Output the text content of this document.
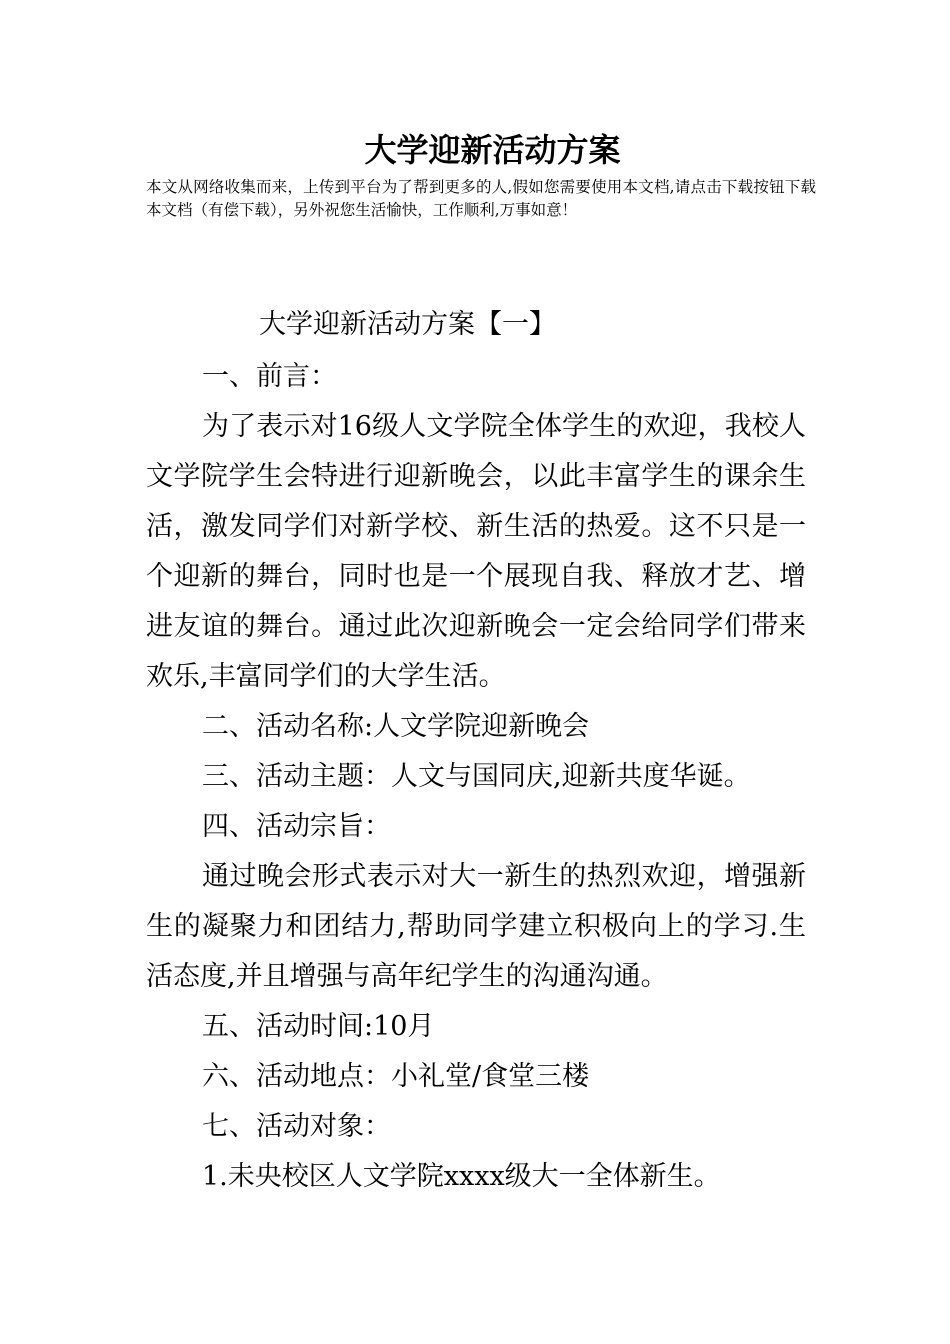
大学迎新活动方案

本文从网络收集而来，上传到平台为了帮到更多的人,假如您需要使用本文档,请点击下载按钮下载本文档（有偿下载），另外祝您生活愉快，工作顺利,万事如意！

大学迎新活动方案【一】

一、前言：

为了表示对16级人文学院全体学生的欢迎，我校人文学院学生会特进行迎新晚会，以此丰富学生的课余生活，激发同学们对新学校、新生活的热爱。这不只是一个迎新的舞台，同时也是一个展现自我、释放才艺、增进友谊的舞台。通过此次迎新晚会一定会给同学们带来欢乐,丰富同学们的大学生活。

二、活动名称:人文学院迎新晚会

三、活动主题：人文与国同庆,迎新共度华诞。

四、活动宗旨：

通过晚会形式表示对大一新生的热烈欢迎，增强新生的凝聚力和团结力,帮助同学建立积极向上的学习.生活态度,并且增强与高年纪学生的沟通沟通。

五、活动时间:10月

六、活动地点：小礼堂/食堂三楼

七、活动对象：

1.未央校区人文学院xxxx级大一全体新生。
